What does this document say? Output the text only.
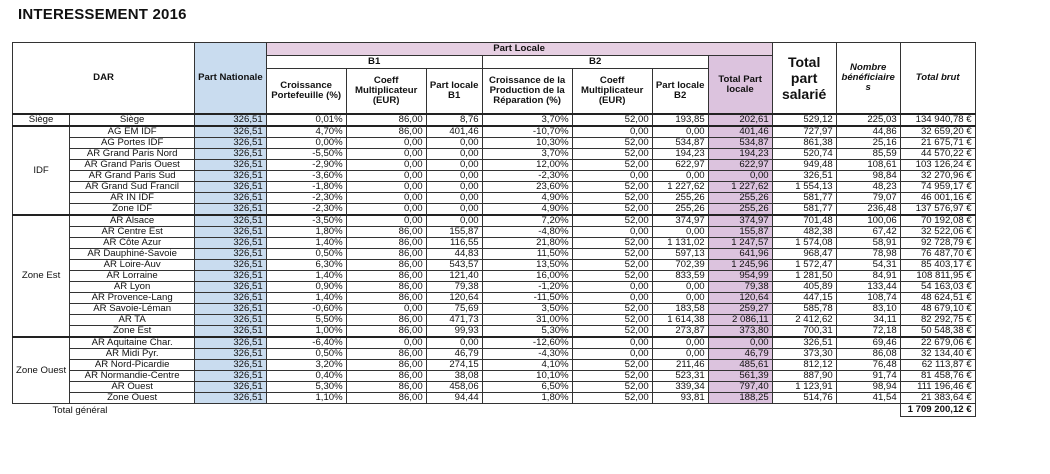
INTERESSEMENT 2016
DAR		Part Nationale	Part Locale							Total part salarié	Nombre bénéficiaire s	Total brut
			B1			B2			Total Part locale			
			Croissance Portefeuille (%)	Coeff Multiplicateur (EUR)	Part locale B1	Croissance de la Production de la Réparation (%)	Coeff Multiplicateur (EUR)	Part locale B2				
Siège	Siège	326,51	0,01%	86,00	8,76	3,70%	52,00	193,85	202,61	529,12	225,03	134 940,78 €
IDF	AG EM IDF	326,51	4,70%	86,00	401,46	-10,70%	0,00	0,00	401,46	727,97	44,86	32 659,20 €
	AG Portes IDF	326,51	0,00%	0,00	0,00	10,30%	52,00	534,87	534,87	861,38	25,16	21 675,71 €
	AR Grand Paris Nord	326,51	-5,50%	0,00	0,00	3,70%	52,00	194,23	194,23	520,74	85,59	44 570,22 €
	AR Grand Paris Ouest	326,51	-2,90%	0,00	0,00	12,00%	52,00	622,97	622,97	949,48	108,61	103 126,24 €
	AR Grand Paris Sud	326,51	-3,60%	0,00	0,00	-2,30%	0,00	0,00	0,00	326,51	98,84	32 270,96 €
	AR Grand Sud Francil	326,51	-1,80%	0,00	0,00	23,60%	52,00	1 227,62	1 227,62	1 554,13	48,23	74 959,17 €
	AR IN IDF	326,51	-2,30%	0,00	0,00	4,90%	52,00	255,26	255,26	581,77	79,07	46 001,16 €
	Zone IDF	326,51	-2,30%	0,00	0,00	4,90%	52,00	255,26	255,26	581,77	236,48	137 576,97 €
Zone Est	AR Alsace	326,51	-3,50%	0,00	0,00	7,20%	52,00	374,97	374,97	701,48	100,06	70 192,08 €
	AR Centre Est	326,51	1,80%	86,00	155,87	-4,80%	0,00	0,00	155,87	482,38	67,42	32 522,06 €
	AR Côte Azur	326,51	1,40%	86,00	116,55	21,80%	52,00	1 131,02	1 247,57	1 574,08	58,91	92 728,79 €
	AR Dauphiné-Savoie	326,51	0,50%	86,00	44,83	11,50%	52,00	597,13	641,96	968,47	78,98	76 487,70 €
	AR Loire-Auv	326,51	6,30%	86,00	543,57	13,50%	52,00	702,39	1 245,96	1 572,47	54,31	85 403,17 €
	AR Lorraine	326,51	1,40%	86,00	121,40	16,00%	52,00	833,59	954,99	1 281,50	84,91	108 811,95 €
	AR Lyon	326,51	0,90%	86,00	79,38	-1,20%	0,00	0,00	79,38	405,89	133,44	54 163,03 €
	AR Provence-Lang	326,51	1,40%	86,00	120,64	-11,50%	0,00	0,00	120,64	447,15	108,74	48 624,51 €
	AR Savoie-Léman	326,51	-0,60%	0,00	75,69	3,50%	52,00	183,58	259,27	585,78	83,10	48 679,10 €
	AR TA	326,51	5,50%	86,00	471,73	31,00%	52,00	1 614,38	2 086,11	2 412,62	34,11	82 292,75 €
	Zone Est	326,51	1,00%	86,00	99,93	5,30%	52,00	273,87	373,80	700,31	72,18	50 548,38 €
Zone Ouest	AR Aquitaine Char.	326,51	-6,40%	0,00	0,00	-12,60%	0,00	0,00	0,00	326,51	69,46	22 679,06 €
	AR Midi Pyr.	326,51	0,50%	86,00	46,79	-4,30%	0,00	0,00	46,79	373,30	86,08	32 134,40 €
	AR Nord-Picardie	326,51	3,20%	86,00	274,15	4,10%	52,00	211,46	485,61	812,12	76,48	62 113,87 €
	AR Normandie-Centre	326,51	0,40%	86,00	38,08	10,10%	52,00	523,31	561,39	887,90	91,74	81 458,76 €
	AR Ouest	326,51	5,30%	86,00	458,06	6,50%	52,00	339,34	797,40	1 123,91	98,94	111 196,46 €
	Zone Ouest	326,51	1,10%	86,00	94,44	1,80%	52,00	93,81	188,25	514,76	41,54	21 383,64 €
Total général												1 709 200,12 €
